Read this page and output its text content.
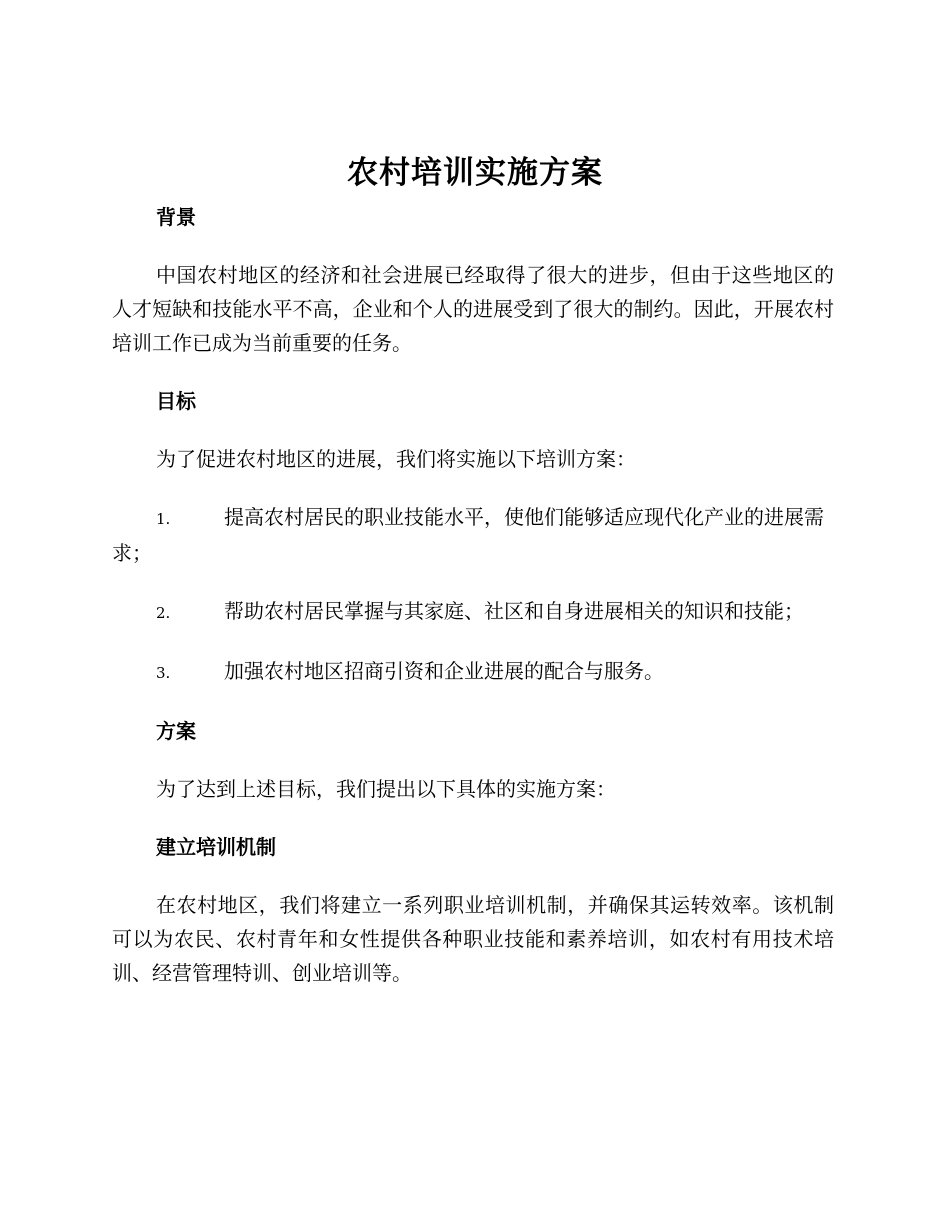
农村培训实施方案

背景

中国农村地区的经济和社会进展已经取得了很大的进步，但由于这些地区的人才短缺和技能水平不高，企业和个人的进展受到了很大的制约。因此，开展农村培训工作已成为当前重要的任务。

目标

为了促进农村地区的进展，我们将实施以下培训方案：

1.	提高农村居民的职业技能水平，使他们能够适应现代化产业的进展需求；

2.	帮助农村居民掌握与其家庭、社区和自身进展相关的知识和技能；

3.	加强农村地区招商引资和企业进展的配合与服务。

方案

为了达到上述目标，我们提出以下具体的实施方案：

建立培训机制

在农村地区，我们将建立一系列职业培训机制，并确保其运转效率。该机制可以为农民、农村青年和女性提供各种职业技能和素养培训，如农村有用技术培训、经营管理特训、创业培训等。
